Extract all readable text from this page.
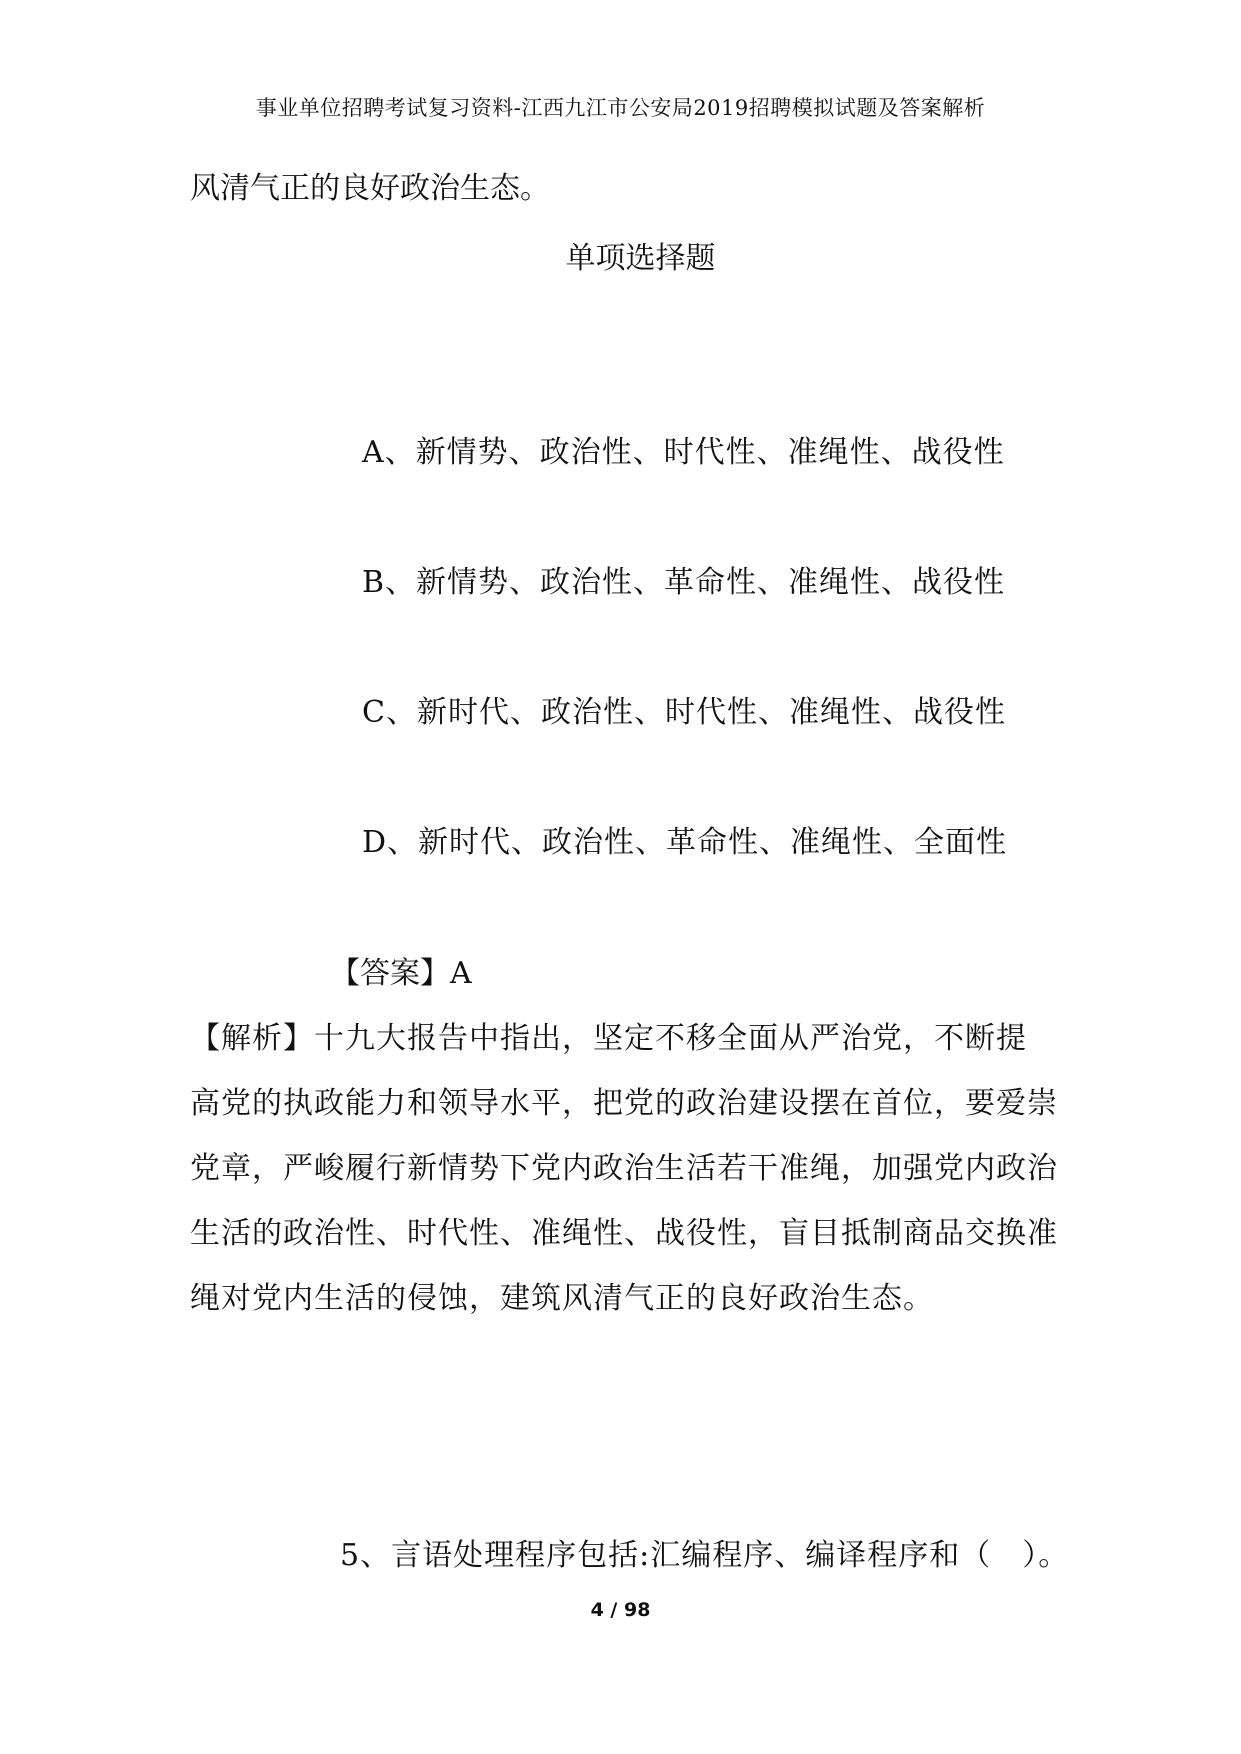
事业单位招聘考试复习资料-江西九江市公安局2019招聘模拟试题及答案解析
风清气正的良好政治生态。
单项选择题
A、新情势、政治性、时代性、准绳性、战役性
B、新情势、政治性、革命性、准绳性、战役性
C、新时代、政治性、时代性、准绳性、战役性
D、新时代、政治性、革命性、准绳性、全面性
【答案】A
【解析】十九大报告中指出，坚定不移全面从严治党，不断提
高党的执政能力和领导水平，把党的政治建设摆在首位，要爱崇
党章，严峻履行新情势下党内政治生活若干准绳，加强党内政治
生活的政治性、时代性、准绳性、战役性，盲目抵制商品交换准
绳对党内生活的侵蚀，建筑风清气正的良好政治生态。
5、言语处理程序包括:汇编程序、编译程序和（　）。
4 / 98
